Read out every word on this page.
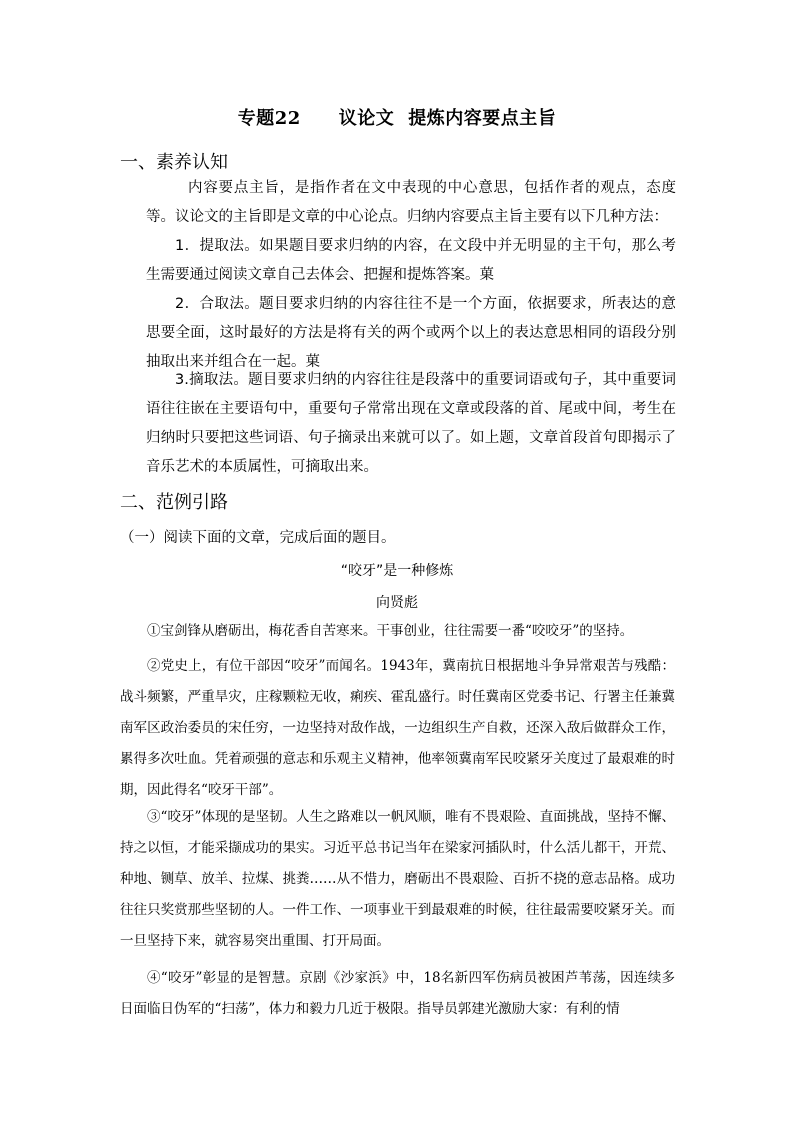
专题22 议论文 提炼内容要点主旨
一、素养认知
内容要点主旨，是指作者在文中表现的中心意思，包括作者的观点，态度等。议论文的主旨即是文章的中心论点。归纳内容要点主旨主要有以下几种方法：
1．提取法。如果题目要求归纳的内容，在文段中并无明显的主干句，那么考生需要通过阅读文章自己去体会、把握和提炼答案。菓
2．合取法。题目要求归纳的内容往往不是一个方面，依据要求，所表达的意思要全面，这时最好的方法是将有关的两个或两个以上的表达意思相同的语段分别抽取出来并组合在一起。菓
3.摘取法。题目要求归纳的内容往往是段落中的重要词语或句子，其中重要词语往往嵌在主要语句中，重要句子常常出现在文章或段落的首、尾或中间，考生在归纳时只要把这些词语、句子摘录出来就可以了。如上题，文章首段首句即揭示了音乐艺术的本质属性，可摘取出来。
二、范例引路
（一）阅读下面的文章，完成后面的题目。
“咬牙”是一种修炼
向贤彪
①宝剑锋从磨砺出，梅花香自苦寒来。干事创业，往往需要一番“咬咬牙”的坚持。
②党史上，有位干部因“咬牙”而闻名。1943年，冀南抗日根据地斗争异常艰苦与残酷：战斗频繁，严重旱灾，庄稼颗粒无收，痢疾、霍乱盛行。时任冀南区党委书记、行署主任兼冀南军区政治委员的宋任穷，一边坚持对敌作战，一边组织生产自救，还深入敌后做群众工作，累得多次吐血。凭着顽强的意志和乐观主义精神，他率领冀南军民咬紧牙关度过了最艰难的时期，因此得名“咬牙干部”。
③“咬牙”体现的是坚韧。人生之路难以一帆风顺，唯有不畏艰险、直面挑战，坚持不懈、持之以恒，才能采撷成功的果实。习近平总书记当年在梁家河插队时，什么活儿都干，开荒、种地、铡草、放羊、拉煤、挑粪……从不惜力，磨砺出不畏艰险、百折不挠的意志品格。成功往往只奖赏那些坚韧的人。一件工作、一项事业干到最艰难的时候，往往最需要咬紧牙关。而一旦坚持下来，就容易突出重围、打开局面。
④“咬牙”彰显的是智慧。京剧《沙家浜》中，18名新四军伤病员被困芦苇荡，因连续多日面临日伪军的“扫荡”，体力和毅力几近于极限。指导员郭建光激励大家：有利的情
